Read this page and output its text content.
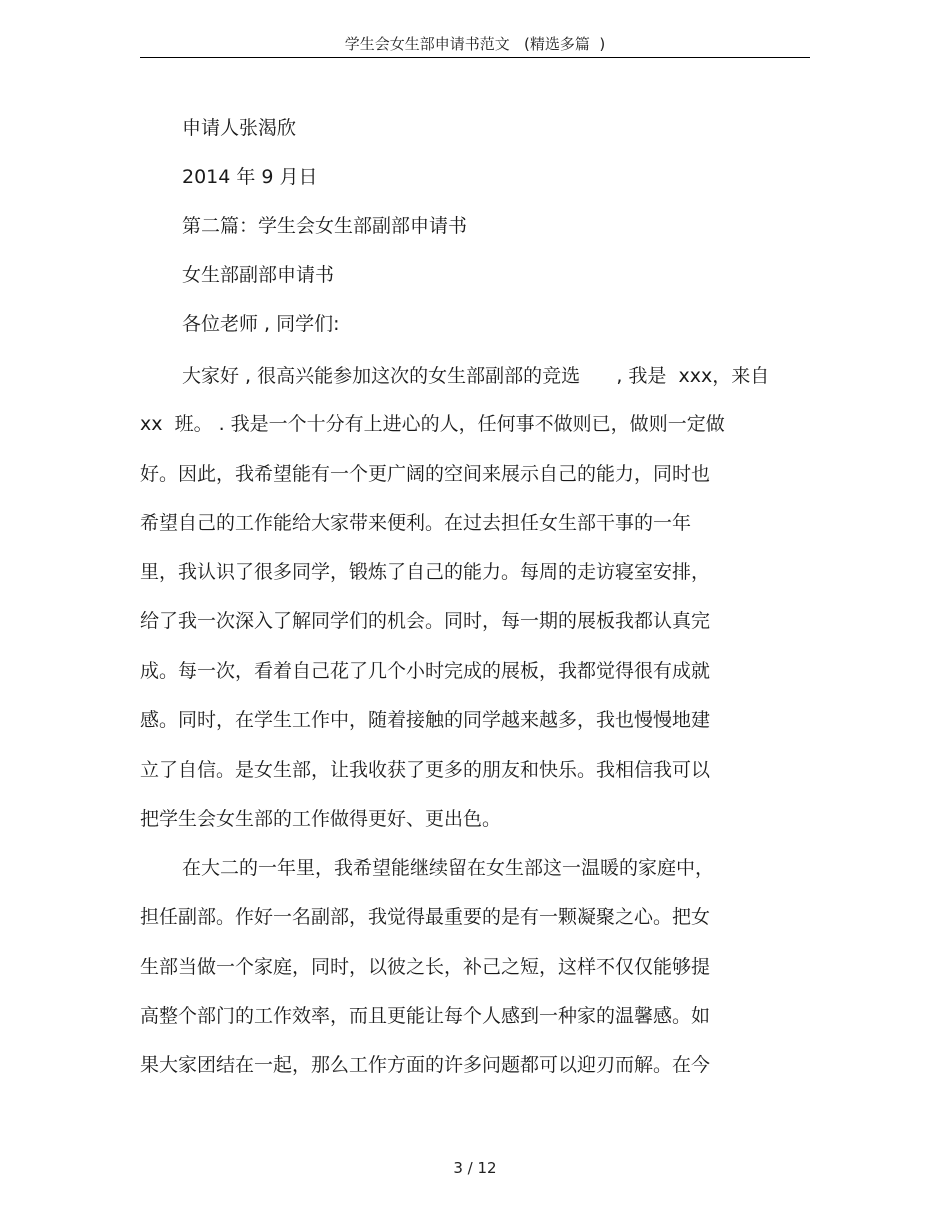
学生会女生部申请书范文   (精选多篇  )
申请人张渴欣
2014 年 9 月日
第二篇：学生会女生部副部申请书
女生部副部申请书
各位老师 , 同学们:
大家好 , 很高兴能参加这次的女生部副部的竞选      , 我是  xxx，来自
xx  班。 . 我是一个十分有上进心的人，任何事不做则已，做则一定做
好。因此，我希望能有一个更广阔的空间来展示自己的能力，同时也
希望自己的工作能给大家带来便利。在过去担任女生部干事的一年
里，我认识了很多同学，锻炼了自己的能力。每周的走访寝室安排，
给了我一次深入了解同学们的机会。同时，每一期的展板我都认真完
成。每一次，看着自己花了几个小时完成的展板，我都觉得很有成就
感。同时，在学生工作中，随着接触的同学越来越多，我也慢慢地建
立了自信。是女生部，让我收获了更多的朋友和快乐。我相信我可以
把学生会女生部的工作做得更好、更出色。
在大二的一年里，我希望能继续留在女生部这一温暖的家庭中，
担任副部。作好一名副部，我觉得最重要的是有一颗凝聚之心。把女
生部当做一个家庭，同时，以彼之长，补己之短，这样不仅仅能够提
高整个部门的工作效率，而且更能让每个人感到一种家的温馨感。如
果大家团结在一起，那么工作方面的许多问题都可以迎刃而解。在今
3 / 12
